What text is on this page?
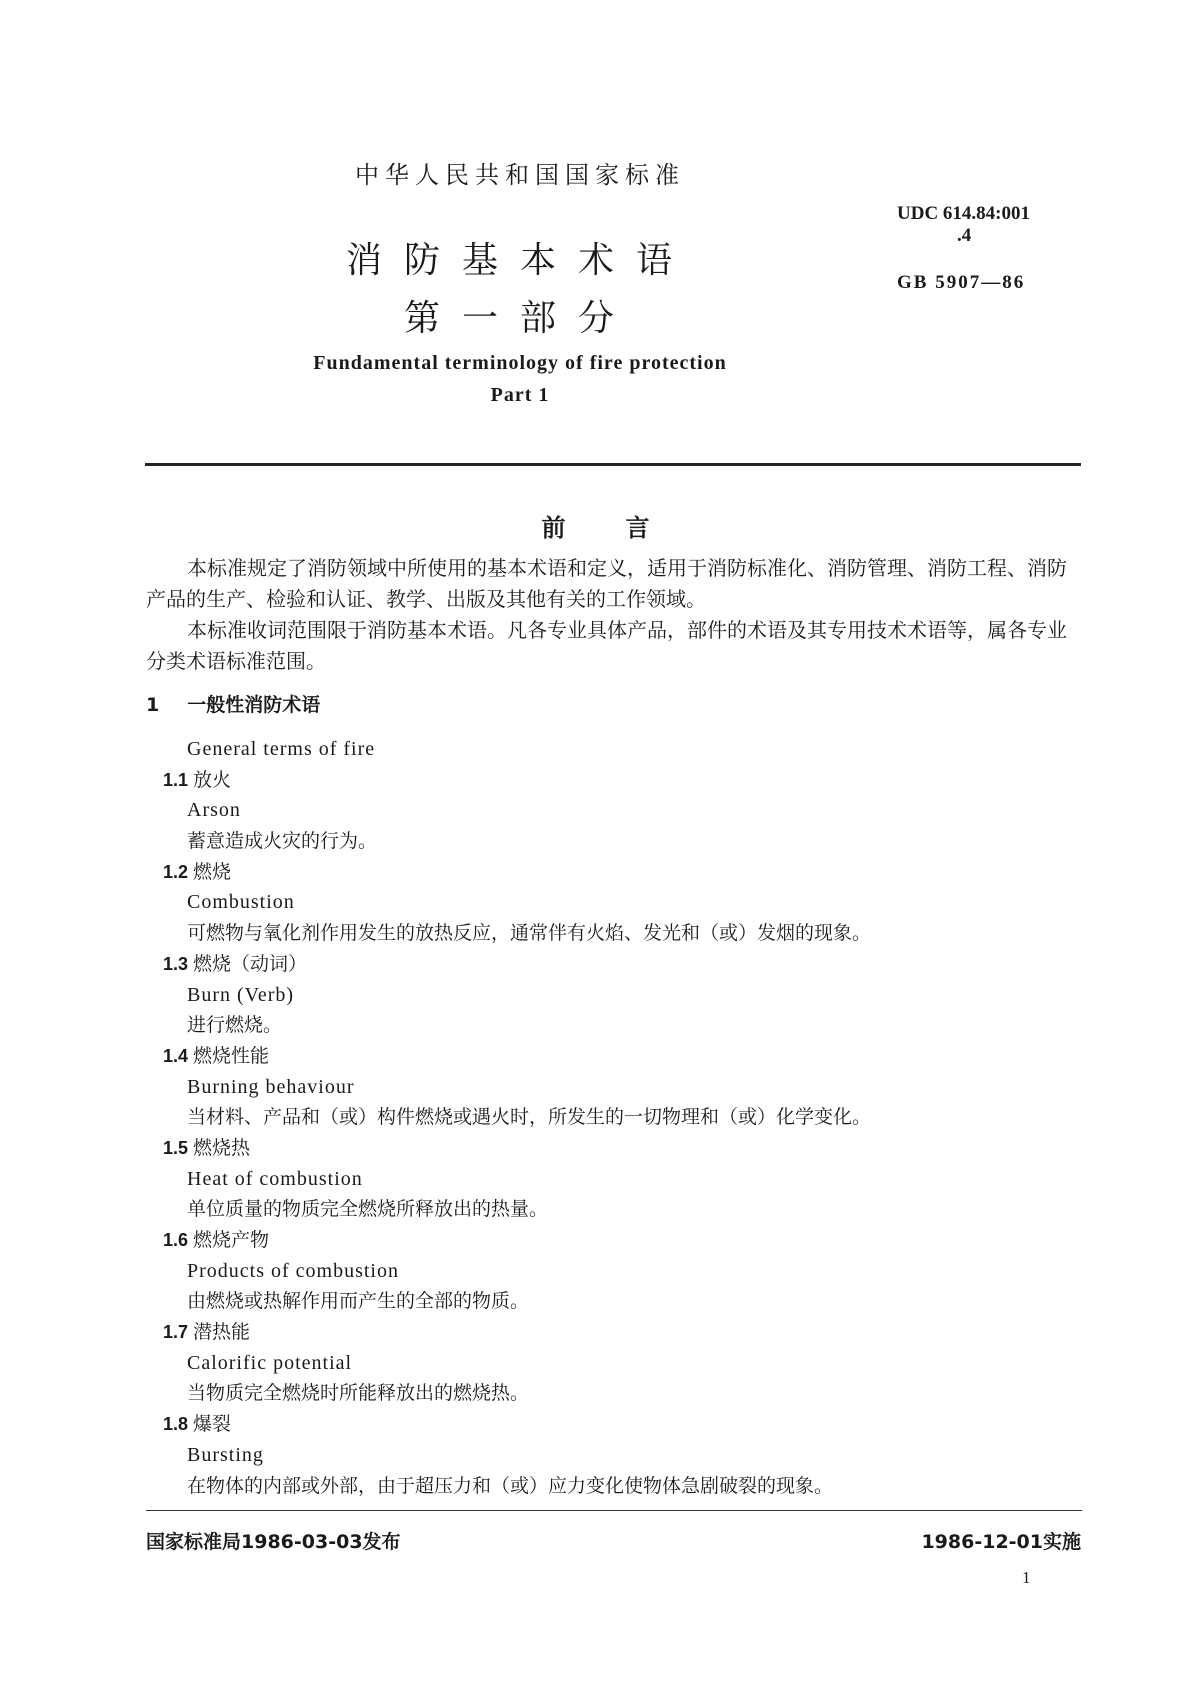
中华人民共和国国家标准
消防基本术语
第一部分
Fundamental terminology of fire protection
Part 1
UDC 614.84:001
.4
GB 5907—86
前言
本标准规定了消防领域中所使用的基本术语和定义，适用于消防标准化、消防管理、消防工程、消防产品的生产、检验和认证、教学、出版及其他有关的工作领域。
本标准收词范围限于消防基本术语。凡各专业具体产品，部件的术语及其专用技术术语等，属各专业分类术语标准范围。
1 一般性消防术语
General terms of fire
1.1 放火
Arson
蓄意造成火灾的行为。
1.2 燃烧
Combustion
可燃物与氧化剂作用发生的放热反应，通常伴有火焰、发光和（或）发烟的现象。
1.3 燃烧（动词）
Burn (Verb)
进行燃烧。
1.4 燃烧性能
Burning behaviour
当材料、产品和（或）构件燃烧或遇火时，所发生的一切物理和（或）化学变化。
1.5 燃烧热
Heat of combustion
单位质量的物质完全燃烧所释放出的热量。
1.6 燃烧产物
Products of combustion
由燃烧或热解作用而产生的全部的物质。
1.7 潜热能
Calorific potential
当物质完全燃烧时所能释放出的燃烧热。
1.8 爆裂
Bursting
在物体的内部或外部，由于超压力和（或）应力变化使物体急剧破裂的现象。
国家标准局1986-03-03发布	1986-12-01实施
1
